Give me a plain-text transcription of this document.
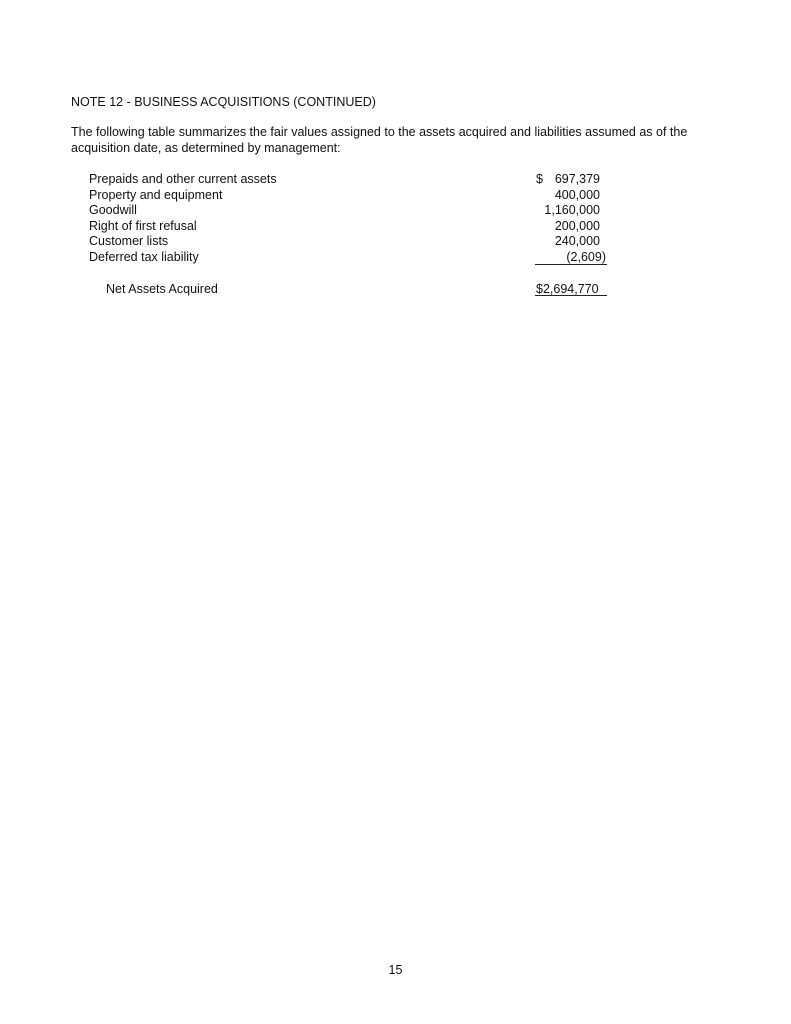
NOTE 12 - BUSINESS ACQUISITIONS (CONTINUED)
The following table summarizes the fair values assigned to the assets acquired and liabilities assumed as of the
acquisition date, as determined by management:
Prepaids and other current assets	$ 697,379
Property and equipment	400,000
Goodwill	1,160,000
Right of first refusal	200,000
Customer lists	240,000
Deferred tax liability	(2,609)
Net Assets Acquired	$2,694,770
15
